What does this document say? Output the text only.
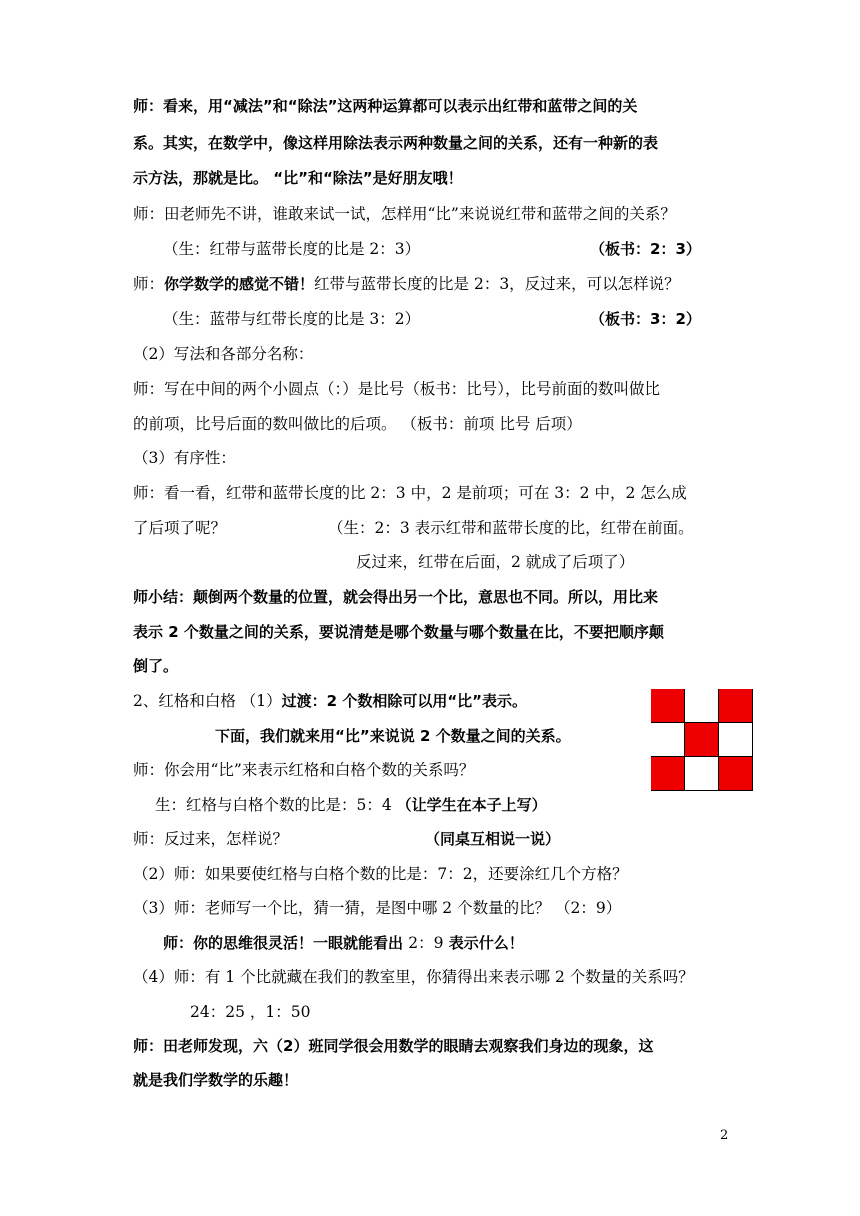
师：看来，用“减法”和“除法”这两种运算都可以表示出红带和蓝带之间的关
系。其实，在数学中，像这样用除法表示两种数量之间的关系，还有一种新的表
示方法，那就是比。 “比”和“除法”是好朋友哦！
师：田老师先不讲，谁敢来试一试，怎样用“比”来说说红带和蓝带之间的关系？
（生：红带与蓝带长度的比是 2：3）	（板书：2：3）
师：你学数学的感觉不错！红带与蓝带长度的比是 2：3，反过来，可以怎样说？
（生：蓝带与红带长度的比是 3：2）	（板书：3：2）
（2）写法和各部分名称：
师：写在中间的两个小圆点（：）是比号（板书：比号），比号前面的数叫做比
的前项，比号后面的数叫做比的后项。 （板书：前项 比号 后项）
（3）有序性：
师：看一看，红带和蓝带长度的比 2：3 中，2 是前项；可在 3：2 中，2 怎么成
了后项了呢？	（生：2：3 表示红带和蓝带长度的比，红带在前面。
反过来，红带在后面，2 就成了后项了）
师小结：颠倒两个数量的位置，就会得出另一个比，意思也不同。所以，用比来
表示 2 个数量之间的关系，要说清楚是哪个数量与哪个数量在比，不要把顺序颠
倒了。
2、红格和白格 （1）过渡：2 个数相除可以用“比”表示。
下面，我们就来用“比”来说说 2 个数量之间的关系。
师：你会用“比”来表示红格和白格个数的关系吗？
生：红格与白格个数的比是：5：4 （让学生在本子上写）
师：反过来，怎样说？	（同桌互相说一说）
（2）师：如果要使红格与白格个数的比是：7：2，还要涂红几个方格？
（3）师：老师写一个比，猜一猜，是图中哪 2 个数量的比？ （2：9）
师：你的思维很灵活！一眼就能看出 2：9 表示什么！
（4）师：有 1 个比就藏在我们的教室里，你猜得出来表示哪 2 个数量的关系吗？
24：25 ，1：50
师：田老师发现，六（2）班同学很会用数学的眼睛去观察我们身边的现象，这
就是我们学数学的乐趣！
2
